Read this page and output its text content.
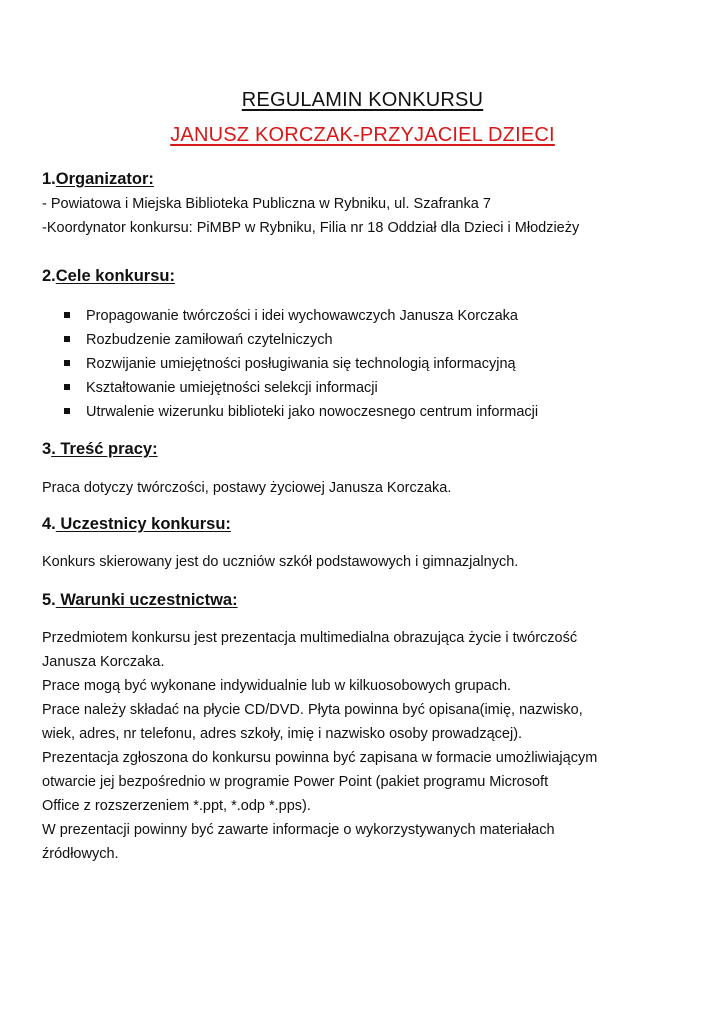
REGULAMIN KONKURSU
JANUSZ KORCZAK-PRZYJACIEL DZIECI
1.Organizator:
- Powiatowa i Miejska Biblioteka Publiczna w Rybniku, ul. Szafranka 7
-Koordynator konkursu: PiMBP w Rybniku, Filia nr 18 Oddział dla Dzieci i Młodzieży
2.Cele konkursu:
Propagowanie twórczości i idei wychowawczych Janusza Korczaka
Rozbudzenie zamiłowań czytelniczych
Rozwijanie umiejętności posługiwania się technologią informacyjną
Kształtowanie umiejętności selekcji informacji
Utrwalenie wizerunku biblioteki jako nowoczesnego centrum informacji
3. Treść pracy:
Praca dotyczy twórczości, postawy życiowej Janusza Korczaka.
4. Uczestnicy konkursu:
Konkurs skierowany jest do uczniów szkół podstawowych i gimnazjalnych.
5. Warunki uczestnictwa:
Przedmiotem konkursu jest prezentacja multimedialna obrazująca życie i twórczość
Janusza Korczaka.
Prace mogą być wykonane indywidualnie lub w kilkuosobowych grupach.
Prace należy składać na płycie CD/DVD. Płyta powinna być opisana(imię, nazwisko,
wiek, adres, nr telefonu, adres szkoły, imię i nazwisko osoby prowadzącej).
Prezentacja zgłoszona do konkursu powinna być zapisana w formacie umożliwiającym
otwarcie jej bezpośrednio w programie Power Point (pakiet programu Microsoft
Office z rozszerzeniem *.ppt, *.odp *.pps).
W prezentacji powinny być zawarte informacje o wykorzystywanych materiałach
źródłowych.
